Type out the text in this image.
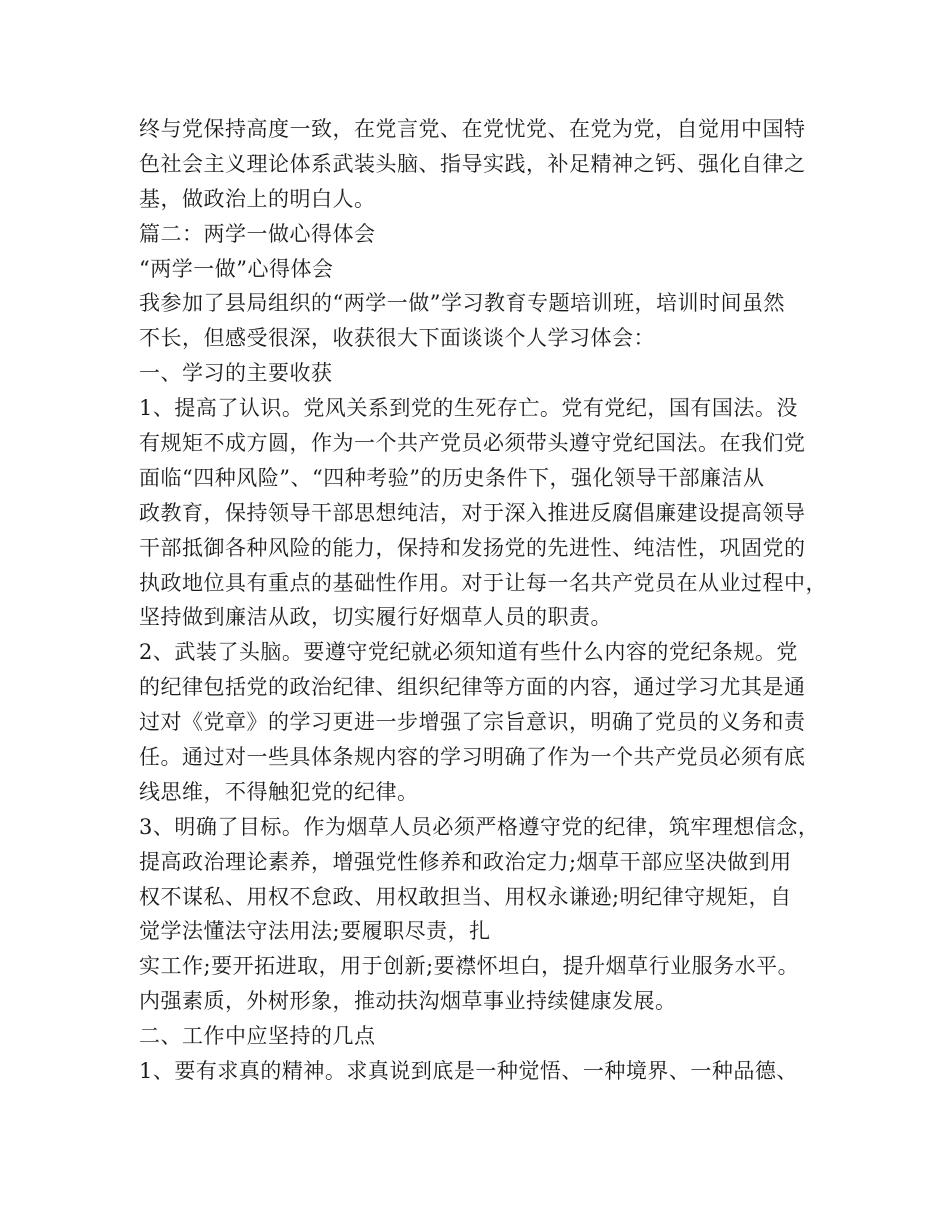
终与党保持高度一致，在党言党、在党忧党、在党为党，自觉用中国特
色社会主义理论体系武装头脑、指导实践，补足精神之钙、强化自律之
基，做政治上的明白人。
篇二：两学一做心得体会
“两学一做”心得体会
我参加了县局组织的“两学一做”学习教育专题培训班，培训时间虽然
不长，但感受很深，收获很大下面谈谈个人学习体会：
一、学习的主要收获
1、提高了认识。党风关系到党的生死存亡。党有党纪，国有国法。没
有规矩不成方圆，作为一个共产党员必须带头遵守党纪国法。在我们党
面临“四种风险”、“四种考验”的历史条件下，强化领导干部廉洁从
政教育，保持领导干部思想纯洁，对于深入推进反腐倡廉建设提高领导
干部抵御各种风险的能力，保持和发扬党的先进性、纯洁性，巩固党的
执政地位具有重点的基础性作用。对于让每一名共产党员在从业过程中，
坚持做到廉洁从政，切实履行好烟草人员的职责。
2、武装了头脑。要遵守党纪就必须知道有些什么内容的党纪条规。党
的纪律包括党的政治纪律、组织纪律等方面的内容，通过学习尤其是通
过对《党章》的学习更进一步增强了宗旨意识，明确了党员的义务和责
任。通过对一些具体条规内容的学习明确了作为一个共产党员必须有底
线思维，不得触犯党的纪律。
3、明确了目标。作为烟草人员必须严格遵守党的纪律，筑牢理想信念，
提高政治理论素养，增强党性修养和政治定力;烟草干部应坚决做到用
权不谋私、用权不怠政、用权敢担当、用权永谦逊;明纪律守规矩，自
觉学法懂法守法用法;要履职尽责，扎
实工作;要开拓进取，用于创新;要襟怀坦白，提升烟草行业服务水平。
内强素质，外树形象，推动扶沟烟草事业持续健康发展。
二、工作中应坚持的几点
1、要有求真的精神。求真说到底是一种觉悟、一种境界、一种品德、
